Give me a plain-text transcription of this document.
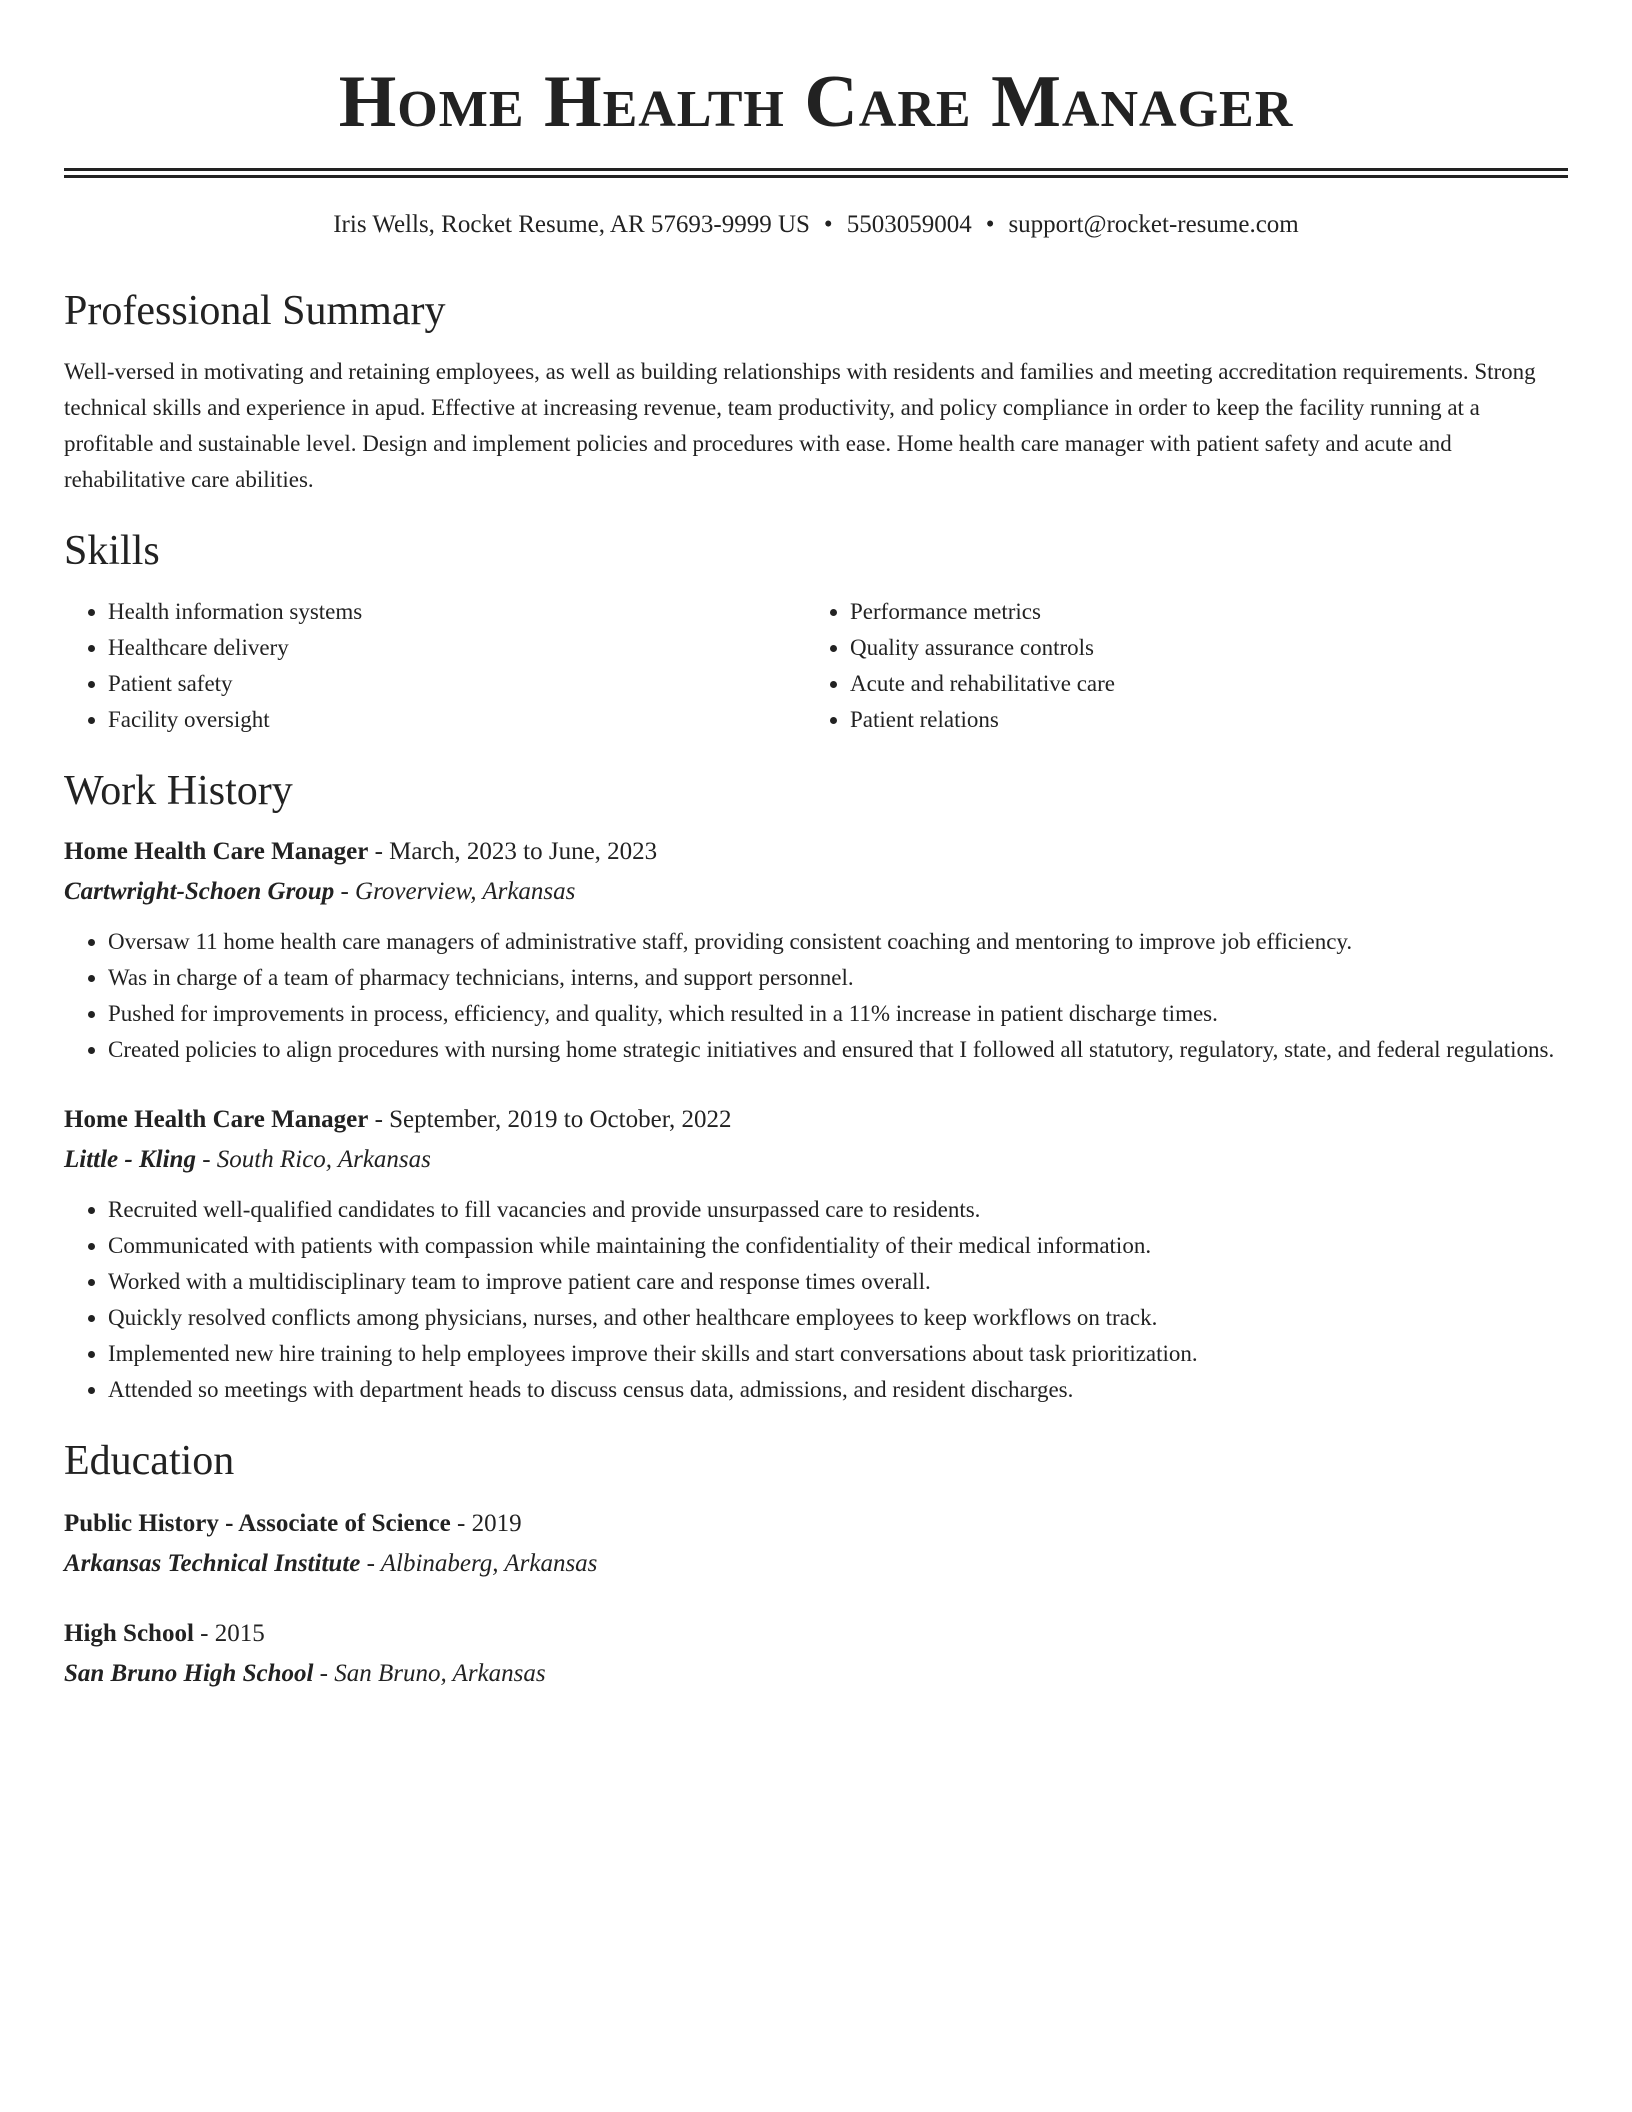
Home Health Care Manager
Iris Wells, Rocket Resume, AR 57693-9999 US • 5503059004 • support@rocket-resume.com
Professional Summary
Well-versed in motivating and retaining employees, as well as building relationships with residents and families and meeting accreditation requirements. Strong technical skills and experience in apud. Effective at increasing revenue, team productivity, and policy compliance in order to keep the facility running at a profitable and sustainable level. Design and implement policies and procedures with ease. Home health care manager with patient safety and acute and rehabilitative care abilities.
Skills
• Health information systems
• Healthcare delivery
• Patient safety
• Facility oversight
• Performance metrics
• Quality assurance controls
• Acute and rehabilitative care
• Patient relations
Work History
Home Health Care Manager - March, 2023 to June, 2023
Cartwright-Schoen Group - Groverview, Arkansas
• Oversaw 11 home health care managers of administrative staff, providing consistent coaching and mentoring to improve job efficiency.
• Was in charge of a team of pharmacy technicians, interns, and support personnel.
• Pushed for improvements in process, efficiency, and quality, which resulted in a 11% increase in patient discharge times.
• Created policies to align procedures with nursing home strategic initiatives and ensured that I followed all statutory, regulatory, state, and federal regulations.
Home Health Care Manager - September, 2019 to October, 2022
Little - Kling - South Rico, Arkansas
• Recruited well-qualified candidates to fill vacancies and provide unsurpassed care to residents.
• Communicated with patients with compassion while maintaining the confidentiality of their medical information.
• Worked with a multidisciplinary team to improve patient care and response times overall.
• Quickly resolved conflicts among physicians, nurses, and other healthcare employees to keep workflows on track.
• Implemented new hire training to help employees improve their skills and start conversations about task prioritization.
• Attended so meetings with department heads to discuss census data, admissions, and resident discharges.
Education
Public History - Associate of Science - 2019
Arkansas Technical Institute - Albinaberg, Arkansas
High School - 2015
San Bruno High School - San Bruno, Arkansas
